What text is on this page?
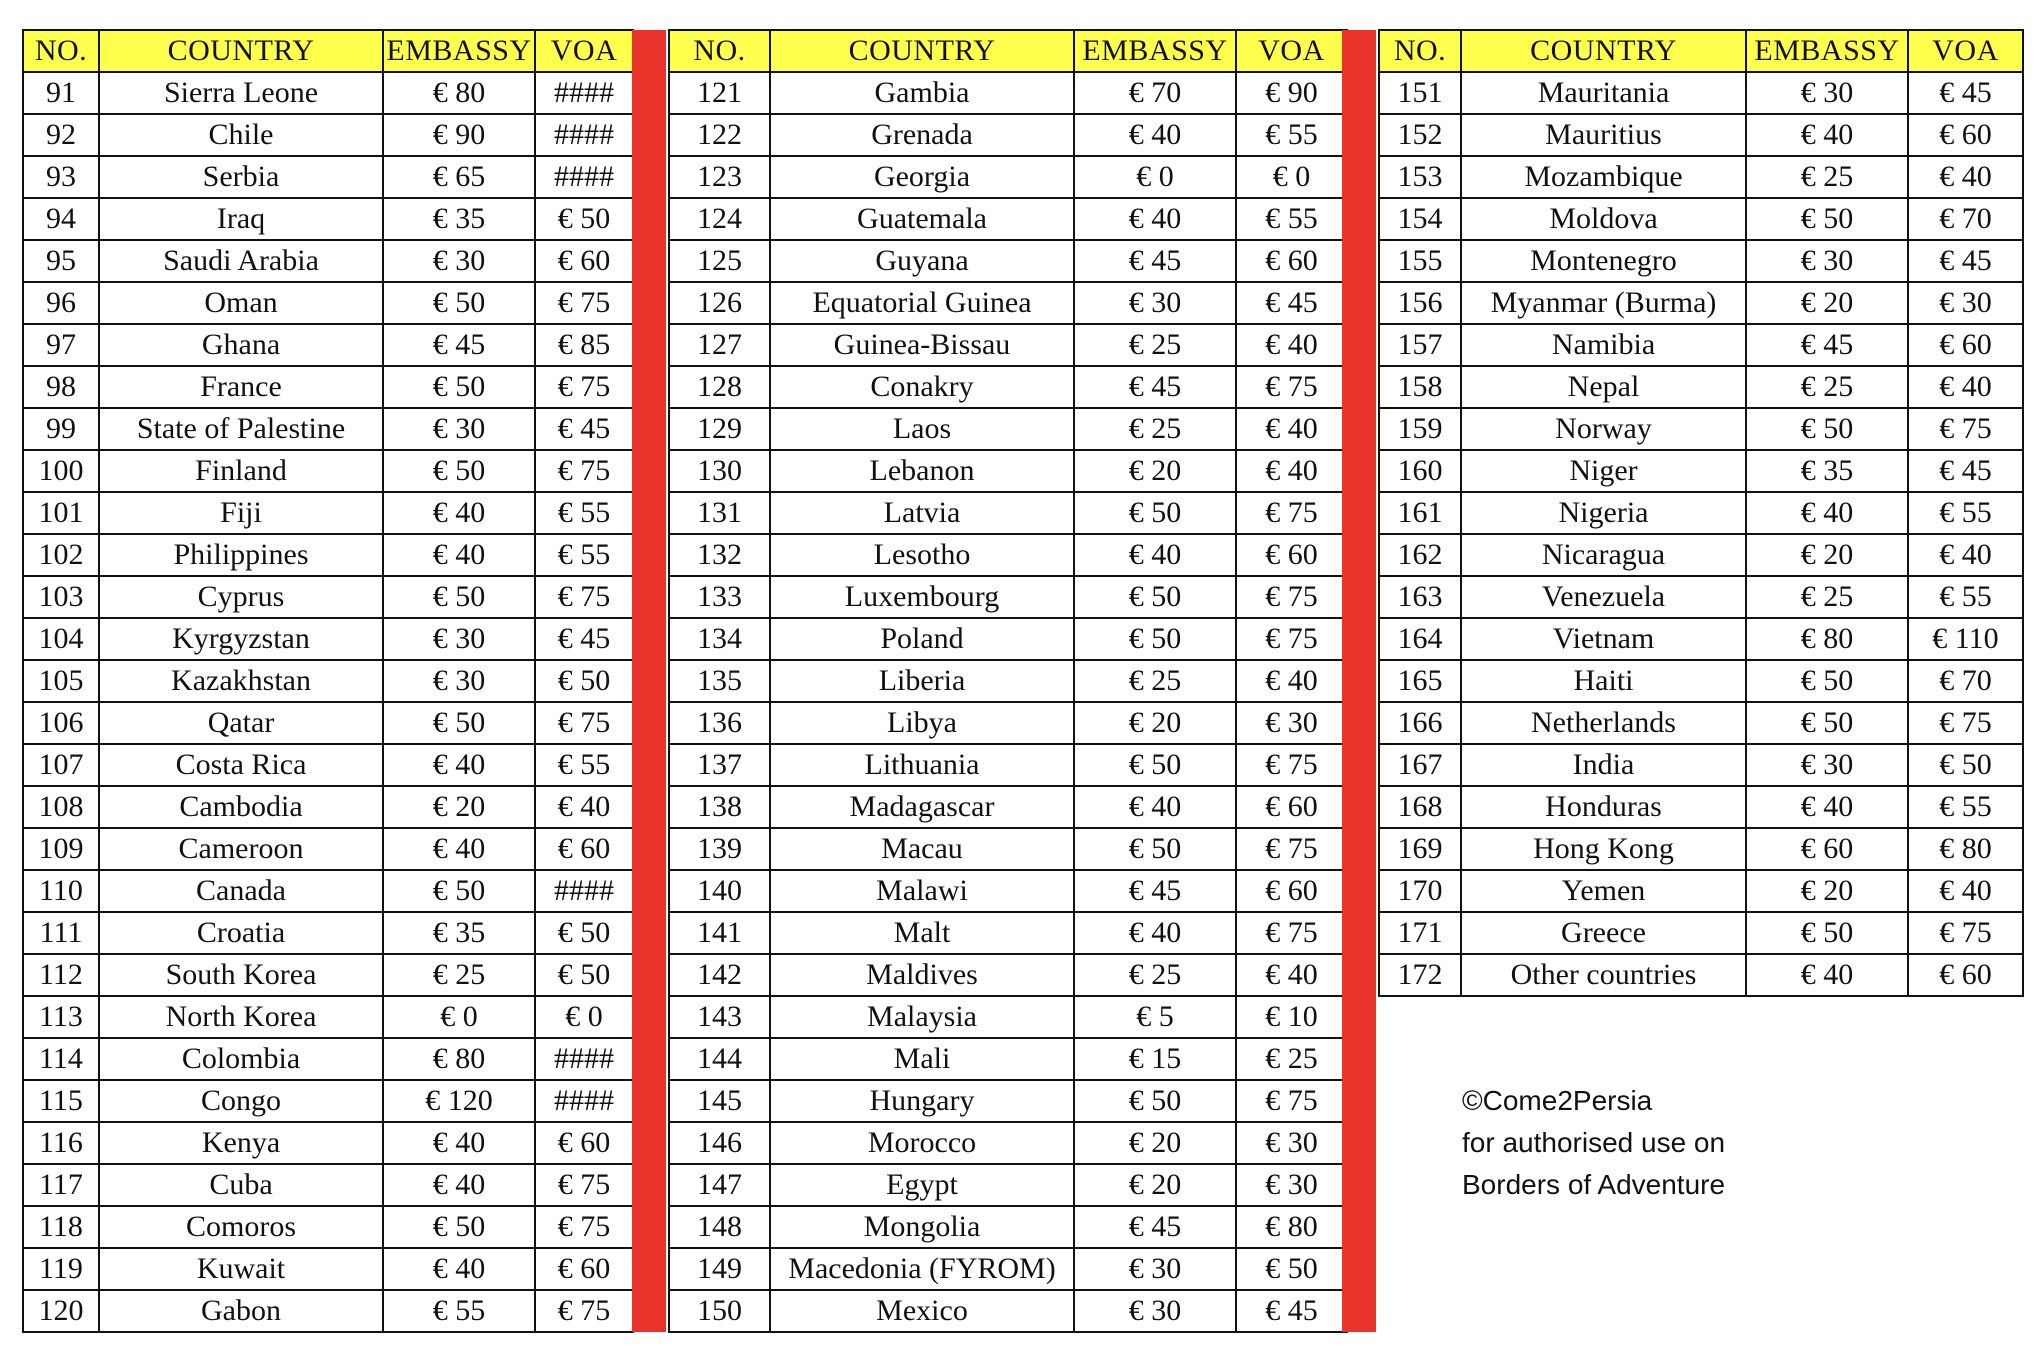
NO.	COUNTRY	EMBASSY	VOA
91	Sierra Leone	€ 80	####
92	Chile	€ 90	####
93	Serbia	€ 65	####
94	Iraq	€ 35	€ 50
95	Saudi Arabia	€ 30	€ 60
96	Oman	€ 50	€ 75
97	Ghana	€ 45	€ 85
98	France	€ 50	€ 75
99	State of Palestine	€ 30	€ 45
100	Finland	€ 50	€ 75
101	Fiji	€ 40	€ 55
102	Philippines	€ 40	€ 55
103	Cyprus	€ 50	€ 75
104	Kyrgyzstan	€ 30	€ 45
105	Kazakhstan	€ 30	€ 50
106	Qatar	€ 50	€ 75
107	Costa Rica	€ 40	€ 55
108	Cambodia	€ 20	€ 40
109	Cameroon	€ 40	€ 60
110	Canada	€ 50	####
111	Croatia	€ 35	€ 50
112	South Korea	€ 25	€ 50
113	North Korea	€ 0	€ 0
114	Colombia	€ 80	####
115	Congo	€ 120	####
116	Kenya	€ 40	€ 60
117	Cuba	€ 40	€ 75
118	Comoros	€ 50	€ 75
119	Kuwait	€ 40	€ 60
120	Gabon	€ 55	€ 75
NO.	COUNTRY	EMBASSY	VOA
121	Gambia	€ 70	€ 90
122	Grenada	€ 40	€ 55
123	Georgia	€ 0	€ 0
124	Guatemala	€ 40	€ 55
125	Guyana	€ 45	€ 60
126	Equatorial Guinea	€ 30	€ 45
127	Guinea-Bissau	€ 25	€ 40
128	Conakry	€ 45	€ 75
129	Laos	€ 25	€ 40
130	Lebanon	€ 20	€ 40
131	Latvia	€ 50	€ 75
132	Lesotho	€ 40	€ 60
133	Luxembourg	€ 50	€ 75
134	Poland	€ 50	€ 75
135	Liberia	€ 25	€ 40
136	Libya	€ 20	€ 30
137	Lithuania	€ 50	€ 75
138	Madagascar	€ 40	€ 60
139	Macau	€ 50	€ 75
140	Malawi	€ 45	€ 60
141	Malt	€ 40	€ 75
142	Maldives	€ 25	€ 40
143	Malaysia	€ 5	€ 10
144	Mali	€ 15	€ 25
145	Hungary	€ 50	€ 75
146	Morocco	€ 20	€ 30
147	Egypt	€ 20	€ 30
148	Mongolia	€ 45	€ 80
149	Macedonia (FYROM)	€ 30	€ 50
150	Mexico	€ 30	€ 45
NO.	COUNTRY	EMBASSY	VOA
151	Mauritania	€ 30	€ 45
152	Mauritius	€ 40	€ 60
153	Mozambique	€ 25	€ 40
154	Moldova	€ 50	€ 70
155	Montenegro	€ 30	€ 45
156	Myanmar (Burma)	€ 20	€ 30
157	Namibia	€ 45	€ 60
158	Nepal	€ 25	€ 40
159	Norway	€ 50	€ 75
160	Niger	€ 35	€ 45
161	Nigeria	€ 40	€ 55
162	Nicaragua	€ 20	€ 40
163	Venezuela	€ 25	€ 55
164	Vietnam	€ 80	€ 110
165	Haiti	€ 50	€ 70
166	Netherlands	€ 50	€ 75
167	India	€ 30	€ 50
168	Honduras	€ 40	€ 55
169	Hong Kong	€ 60	€ 80
170	Yemen	€ 20	€ 40
171	Greece	€ 50	€ 75
172	Other countries	€ 40	€ 60
©Come2Persia
for authorised use on
Borders of Adventure
